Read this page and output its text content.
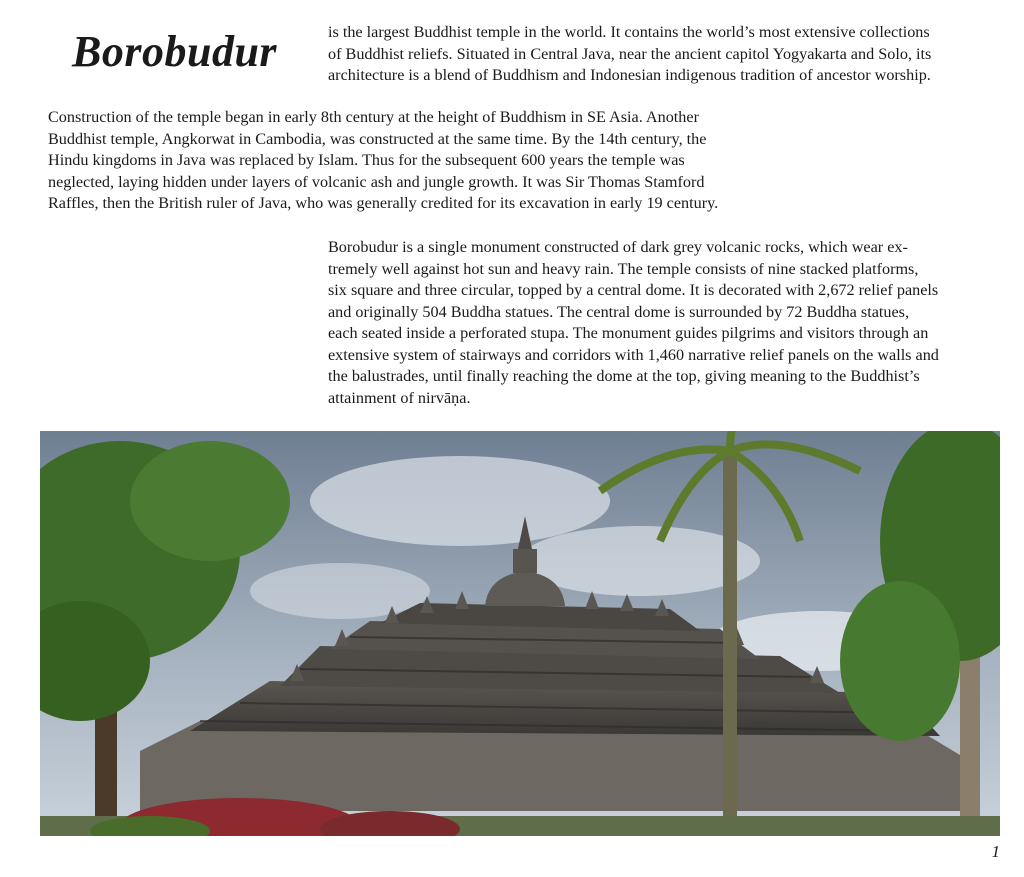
Borobudur	is the largest Buddhist temple in the world. It contains the world’s most extensive collections
of Buddhist reliefs. Situated in Central Java, near the ancient capitol Yogyakarta and Solo, its
architecture is a blend of Buddhism and Indonesian indigenous tradition of ancestor worship.

Construction of the temple began in early 8th century at the height of Buddhism in SE Asia. Another
Buddhist temple, Angkorwat in Cambodia, was constructed at the same time. By the 14th century, the
Hindu kingdoms in Java was replaced by Islam. Thus for the subsequent 600 years the temple was
neglected, laying hidden under layers of volcanic ash and jungle growth. It was Sir Thomas Stamford
Raffles, then the British ruler of Java, who was generally credited for its excavation in early 19 century.

Borobudur is a single monument constructed of dark grey volcanic rocks, which wear ex-
tremely well against hot sun and heavy rain. The temple consists of nine stacked platforms,
six square and three circular, topped by a central dome. It is decorated with 2,672 relief panels
and originally 504 Buddha statues. The central dome is surrounded by 72 Buddha statues,
each seated inside a perforated stupa. The monument guides pilgrims and visitors through an
extensive system of stairways and corridors with 1,460 narrative relief panels on the walls and
the balustrades, until finally reaching the dome at the top, giving meaning to the Buddhist’s
attainment of nirvāṇa.

1
